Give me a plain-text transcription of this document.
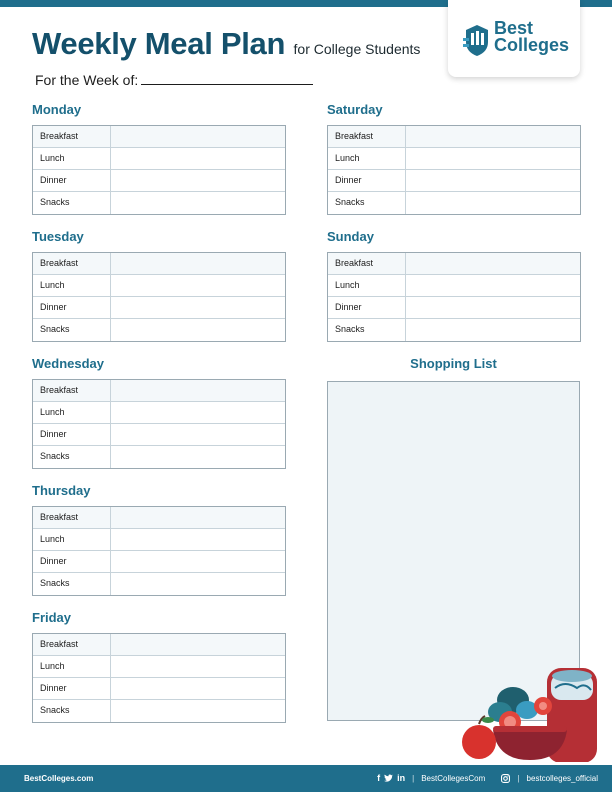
Weekly Meal Plan for College Students
For the Week of:
Best
Colleges
Monday
Breakfast
Lunch
Dinner
Snacks
Tuesday
Breakfast
Lunch
Dinner
Snacks
Wednesday
Breakfast
Lunch
Dinner
Snacks
Thursday
Breakfast
Lunch
Dinner
Snacks
Friday
Breakfast
Lunch
Dinner
Snacks
Saturday
Breakfast
Lunch
Dinner
Snacks
Sunday
Breakfast
Lunch
Dinner
Snacks
Shopping List
BestColleges.com	f in | BestCollegesCom
	| bestcolleges_official
